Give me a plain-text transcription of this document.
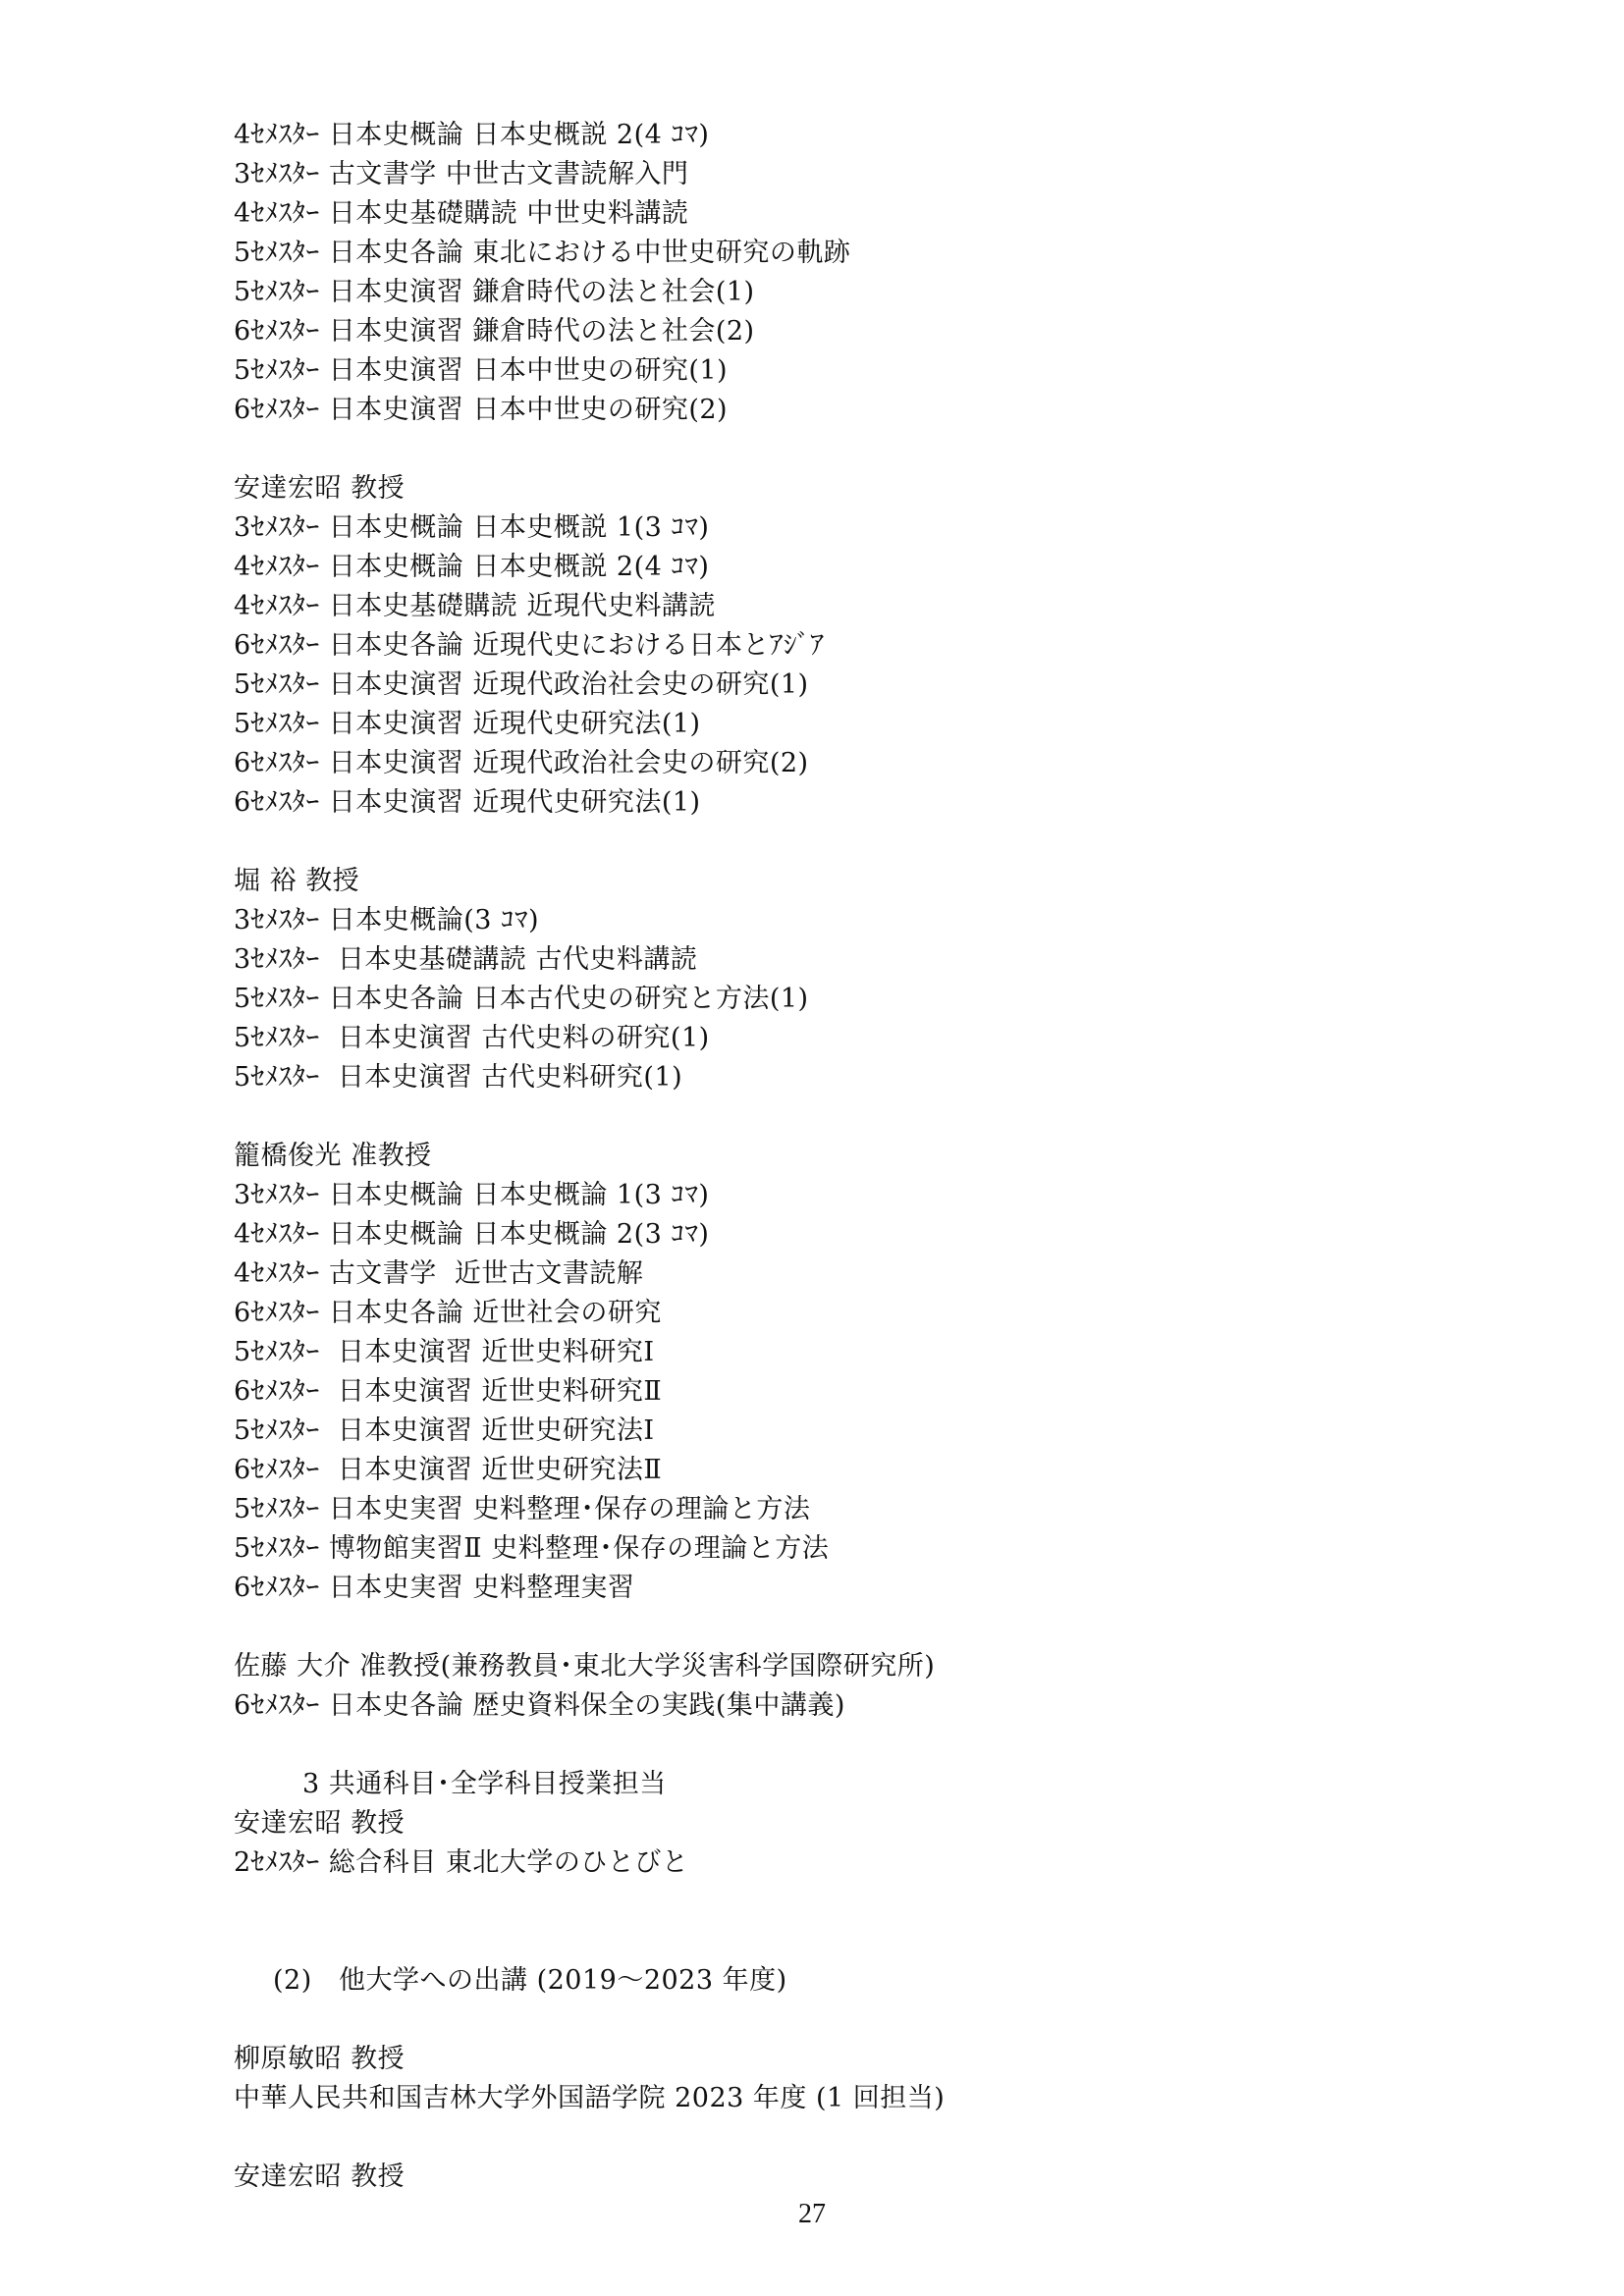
4ｾﾒｽﾀｰ 日本史概論 日本史概説 2(4 ｺﾏ)
3ｾﾒｽﾀｰ 古文書学 中世古文書読解入門
4ｾﾒｽﾀｰ 日本史基礎購読 中世史料講読
5ｾﾒｽﾀｰ 日本史各論 東北における中世史研究の軌跡
5ｾﾒｽﾀｰ 日本史演習 鎌倉時代の法と社会(1)
6ｾﾒｽﾀｰ 日本史演習 鎌倉時代の法と社会(2)
5ｾﾒｽﾀｰ 日本史演習 日本中世史の研究(1)
6ｾﾒｽﾀｰ 日本史演習 日本中世史の研究(2)
安達宏昭 教授
3ｾﾒｽﾀｰ 日本史概論 日本史概説 1(3 ｺﾏ)
4ｾﾒｽﾀｰ 日本史概論 日本史概説 2(4 ｺﾏ)
4ｾﾒｽﾀｰ 日本史基礎購読 近現代史料講読
6ｾﾒｽﾀｰ 日本史各論 近現代史における日本とｱｼﾞｱ
5ｾﾒｽﾀｰ 日本史演習 近現代政治社会史の研究(1)
5ｾﾒｽﾀｰ 日本史演習 近現代史研究法(1)
6ｾﾒｽﾀｰ 日本史演習 近現代政治社会史の研究(2)
6ｾﾒｽﾀｰ 日本史演習 近現代史研究法(1)
堀 裕 教授
3ｾﾒｽﾀｰ 日本史概論(3 ｺﾏ)
3ｾﾒｽﾀｰ  日本史基礎講読 古代史料講読
5ｾﾒｽﾀｰ 日本史各論 日本古代史の研究と方法(1)
5ｾﾒｽﾀｰ  日本史演習 古代史料の研究(1)
5ｾﾒｽﾀｰ  日本史演習 古代史料研究(1)
籠橋俊光 准教授
3ｾﾒｽﾀｰ 日本史概論 日本史概論 1(3 ｺﾏ)
4ｾﾒｽﾀｰ 日本史概論 日本史概論 2(3 ｺﾏ)
4ｾﾒｽﾀｰ 古文書学  近世古文書読解
6ｾﾒｽﾀｰ 日本史各論 近世社会の研究
5ｾﾒｽﾀｰ  日本史演習 近世史料研究Ⅰ
6ｾﾒｽﾀｰ  日本史演習 近世史料研究Ⅱ
5ｾﾒｽﾀｰ  日本史演習 近世史研究法Ⅰ
6ｾﾒｽﾀｰ  日本史演習 近世史研究法Ⅱ
5ｾﾒｽﾀｰ 日本史実習 史料整理･保存の理論と方法
5ｾﾒｽﾀｰ 博物館実習Ⅱ 史料整理･保存の理論と方法
6ｾﾒｽﾀｰ 日本史実習 史料整理実習
佐藤 大介 准教授(兼務教員･東北大学災害科学国際研究所)
6ｾﾒｽﾀｰ 日本史各論 歴史資料保全の実践(集中講義)
3 共通科目･全学科目授業担当
安達宏昭 教授
2ｾﾒｽﾀｰ 総合科目 東北大学のひとびと
(2)   他大学への出講 (2019～2023 年度)
柳原敏昭 教授
中華人民共和国吉林大学外国語学院 2023 年度 (1 回担当)
安達宏昭 教授
27
